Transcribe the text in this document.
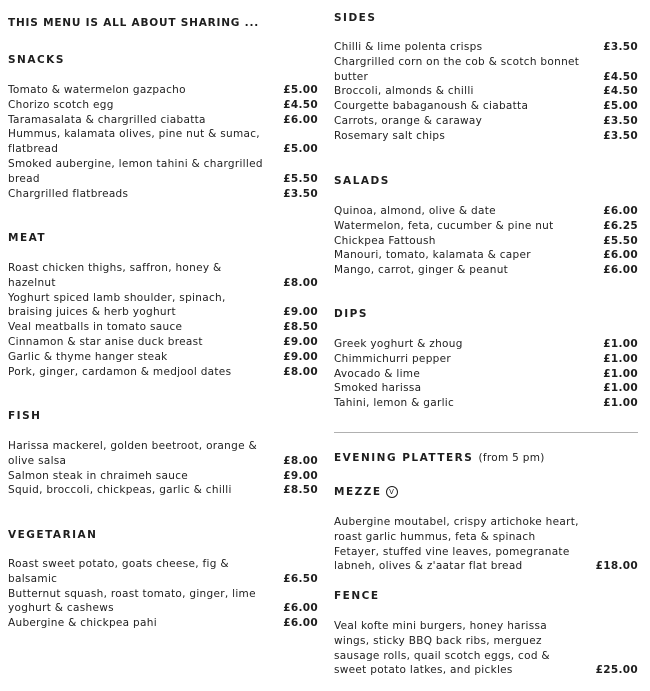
THIS MENU IS ALL ABOUT SHARING ...
SNACKS
Tomato & watermelon gazpacho	£5.00
Chorizo scotch egg	£4.50
Taramasalata & chargrilled ciabatta	£6.00
Hummus, kalamata olives, pine nut & sumac, flatbread	£5.00
Smoked aubergine, lemon tahini & chargrilled bread	£5.50
Chargrilled flatbreads	£3.50
MEAT
Roast chicken thighs, saffron, honey & hazelnut	£8.00
Yoghurt spiced lamb shoulder, spinach, braising juices & herb yoghurt	£9.00
Veal meatballs in tomato sauce	£8.50
Cinnamon & star anise duck breast	£9.00
Garlic & thyme hanger steak	£9.00
Pork, ginger, cardamon & medjool dates	£8.00
FISH
Harissa mackerel, golden beetroot, orange & olive salsa	£8.00
Salmon steak in chraimeh sauce	£9.00
Squid, broccoli, chickpeas, garlic & chilli	£8.50
VEGETARIAN
Roast sweet potato, goats cheese, fig & balsamic	£6.50
Butternut squash, roast tomato, ginger, lime yoghurt & cashews	£6.00
Aubergine & chickpea pahi	£6.00
SIDES
Chilli & lime polenta crisps	£3.50
Chargrilled corn on the cob & scotch bonnet butter	£4.50
Broccoli, almonds & chilli	£4.50
Courgette babaganoush & ciabatta	£5.00
Carrots, orange & caraway	£3.50
Rosemary salt chips	£3.50
SALADS
Quinoa, almond, olive & date	£6.00
Watermelon, feta, cucumber & pine nut	£6.25
Chickpea Fattoush	£5.50
Manouri, tomato, kalamata & caper	£6.00
Mango, carrot, ginger & peanut	£6.00
DIPS
Greek yoghurt & zhoug	£1.00
Chimmichurri pepper	£1.00
Avocado & lime	£1.00
Smoked harissa	£1.00
Tahini, lemon & garlic	£1.00
EVENING PLATTERS (from 5 pm)
MEZZE V
Aubergine moutabel, crispy artichoke heart, roast garlic hummus, feta & spinach Fetayer, stuffed vine leaves, pomegranate labneh, olives & z'aatar flat bread	£18.00
FENCE
Veal kofte mini burgers, honey harissa wings, sticky BBQ back ribs, merguez sausage rolls, quail scotch eggs, cod & sweet potato latkes, and pickles	£25.00
